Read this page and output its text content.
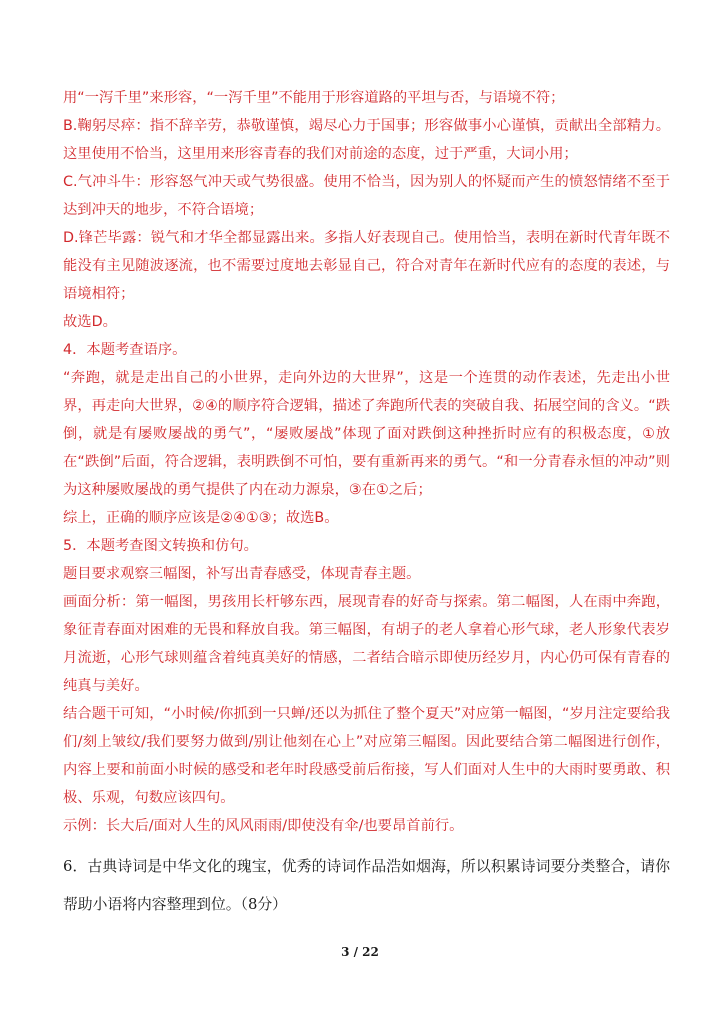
用“一泻千里”来形容，“一泻千里”不能用于形容道路的平坦与否，与语境不符；

B.鞠躬尽瘁：指不辞辛劳，恭敬谨慎，竭尽心力于国事；形容做事小心谨慎，贡献出全部精力。这里使用不恰当，这里用来形容青春的我们对前途的态度，过于严重，大词小用；

C.气冲斗牛：形容怒气冲天或气势很盛。使用不恰当，因为别人的怀疑而产生的愤怒情绪不至于达到冲天的地步，不符合语境；

D.锋芒毕露：锐气和才华全都显露出来。多指人好表现自己。使用恰当，表明在新时代青年既不能没有主见随波逐流，也不需要过度地去彰显自己，符合对青年在新时代应有的态度的表述，与语境相符；

故选D。

4．本题考查语序。

“奔跑，就是走出自己的小世界，走向外边的大世界”，这是一个连贯的动作表述，先走出小世界，再走向大世界，②④的顺序符合逻辑，描述了奔跑所代表的突破自我、拓展空间的含义。“跌倒，就是有屡败屡战的勇气”，“屡败屡战”体现了面对跌倒这种挫折时应有的积极态度，①放在“跌倒”后面，符合逻辑，表明跌倒不可怕，要有重新再来的勇气。“和一分青春永恒的冲动”则为这种屡败屡战的勇气提供了内在动力源泉，③在①之后；

综上，正确的顺序应该是②④①③；故选B。

5．本题考查图文转换和仿句。

题目要求观察三幅图，补写出青春感受，体现青春主题。

画面分析：第一幅图，男孩用长杆够东西，展现青春的好奇与探索。第二幅图，人在雨中奔跑，象征青春面对困难的无畏和释放自我。第三幅图，有胡子的老人拿着心形气球，老人形象代表岁月流逝，心形气球则蕴含着纯真美好的情感，二者结合暗示即使历经岁月，内心仍可保有青春的纯真与美好。

结合题干可知，“小时候/你抓到一只蝉/还以为抓住了整个夏天”对应第一幅图，“岁月注定要给我们/刻上皱纹/我们要努力做到/别让他刻在心上”对应第三幅图。因此要结合第二幅图进行创作，内容上要和前面小时候的感受和老年时段感受前后衔接，写人们面对人生中的大雨时要勇敢、积极、乐观，句数应该四句。

示例：长大后/面对人生的风风雨雨/即使没有伞/也要昂首前行。

6．古典诗词是中华文化的瑰宝，优秀的诗词作品浩如烟海，所以积累诗词要分类整合，请你帮助小语将内容整理到位。（8分）

3 / 22
